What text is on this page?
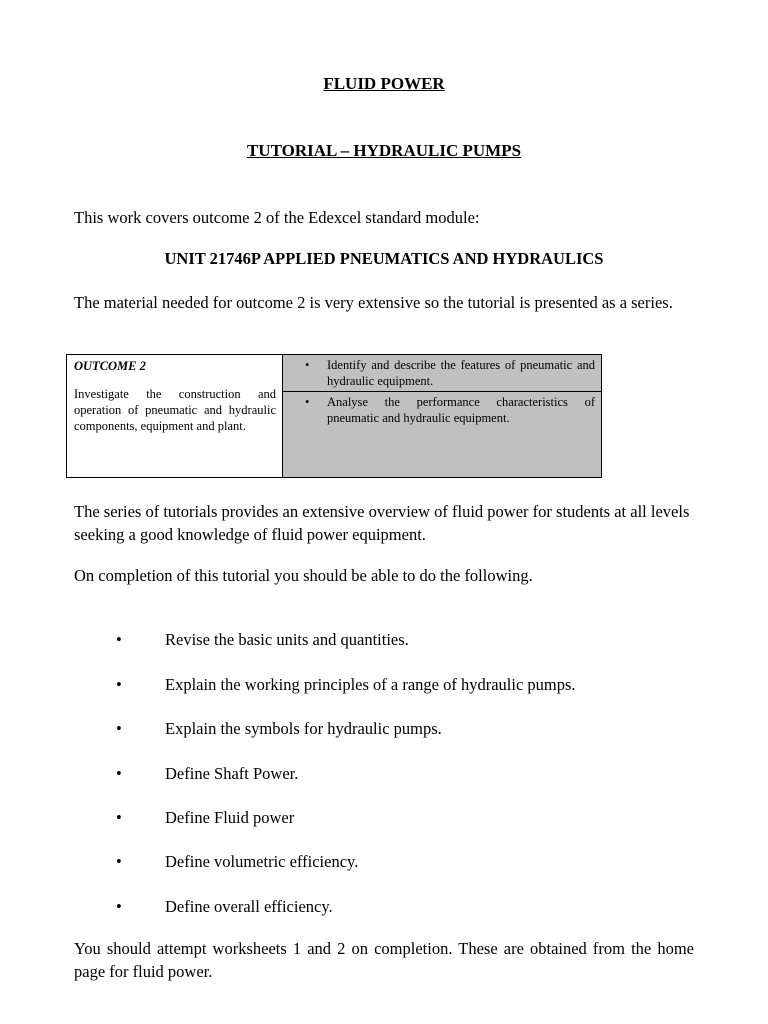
FLUID POWER
TUTORIAL – HYDRAULIC PUMPS
This work covers outcome 2 of the Edexcel standard module:
UNIT 21746P APPLIED PNEUMATICS AND HYDRAULICS
The material needed for outcome 2 is very extensive so the tutorial is presented as a series.
OUTCOME 2
Investigate the construction and operation of pneumatic and hydraulic components, equipment and plant.
•	Identify and describe the features of pneumatic and hydraulic equipment.
•	Analyse the performance characteristics of pneumatic and hydraulic equipment.
The series of tutorials provides an extensive overview of fluid power for students at all levels seeking a good knowledge of fluid power equipment.
On completion of this tutorial you should be able to do the following.
•	Revise the basic units and quantities.
•	Explain the working principles of a range of hydraulic pumps.
•	Explain the symbols for hydraulic pumps.
•	Define Shaft Power.
•	Define Fluid power
•	Define volumetric efficiency.
•	Define overall efficiency.
You should attempt worksheets 1 and 2 on completion. These are obtained from the home page for fluid power.
